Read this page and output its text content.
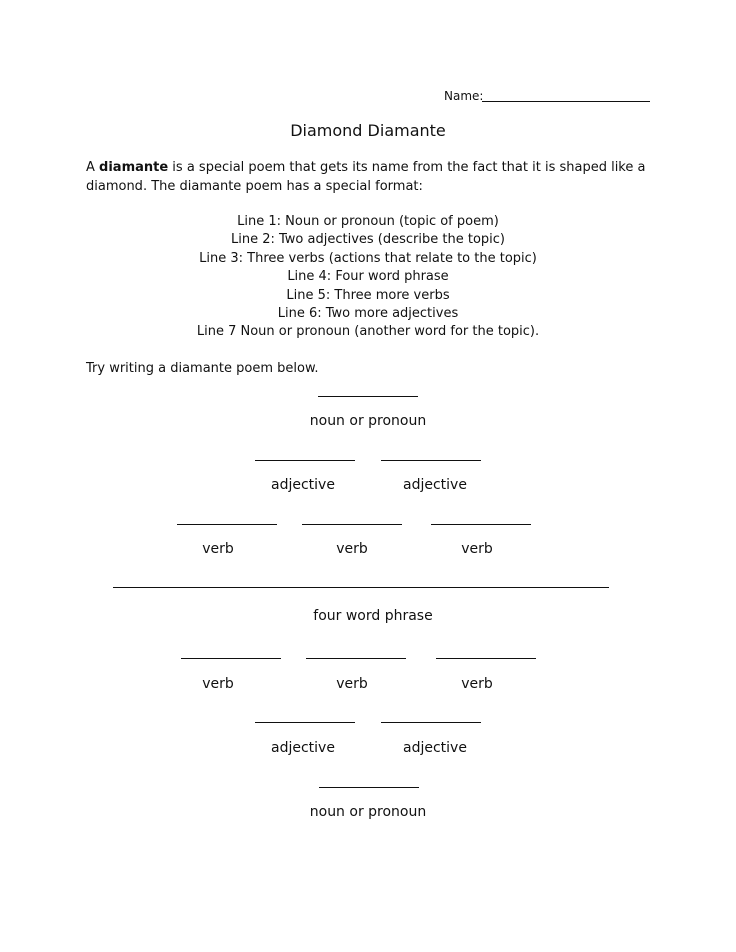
Name:
Diamond Diamante
A diamante is a special poem that gets its name from the fact that it is shaped like a diamond. The diamante poem has a special format:
Line 1: Noun or pronoun (topic of poem)
Line 2: Two adjectives (describe the topic)
Line 3: Three verbs (actions that relate to the topic)
Line 4: Four word phrase
Line 5: Three more verbs
Line 6: Two more adjectives
Line 7 Noun or pronoun (another word for the topic).
Try writing a diamante poem below.
noun or pronoun
adjective	adjective
verb	verb	verb
four word phrase
verb	verb	verb
adjective	adjective
noun or pronoun
